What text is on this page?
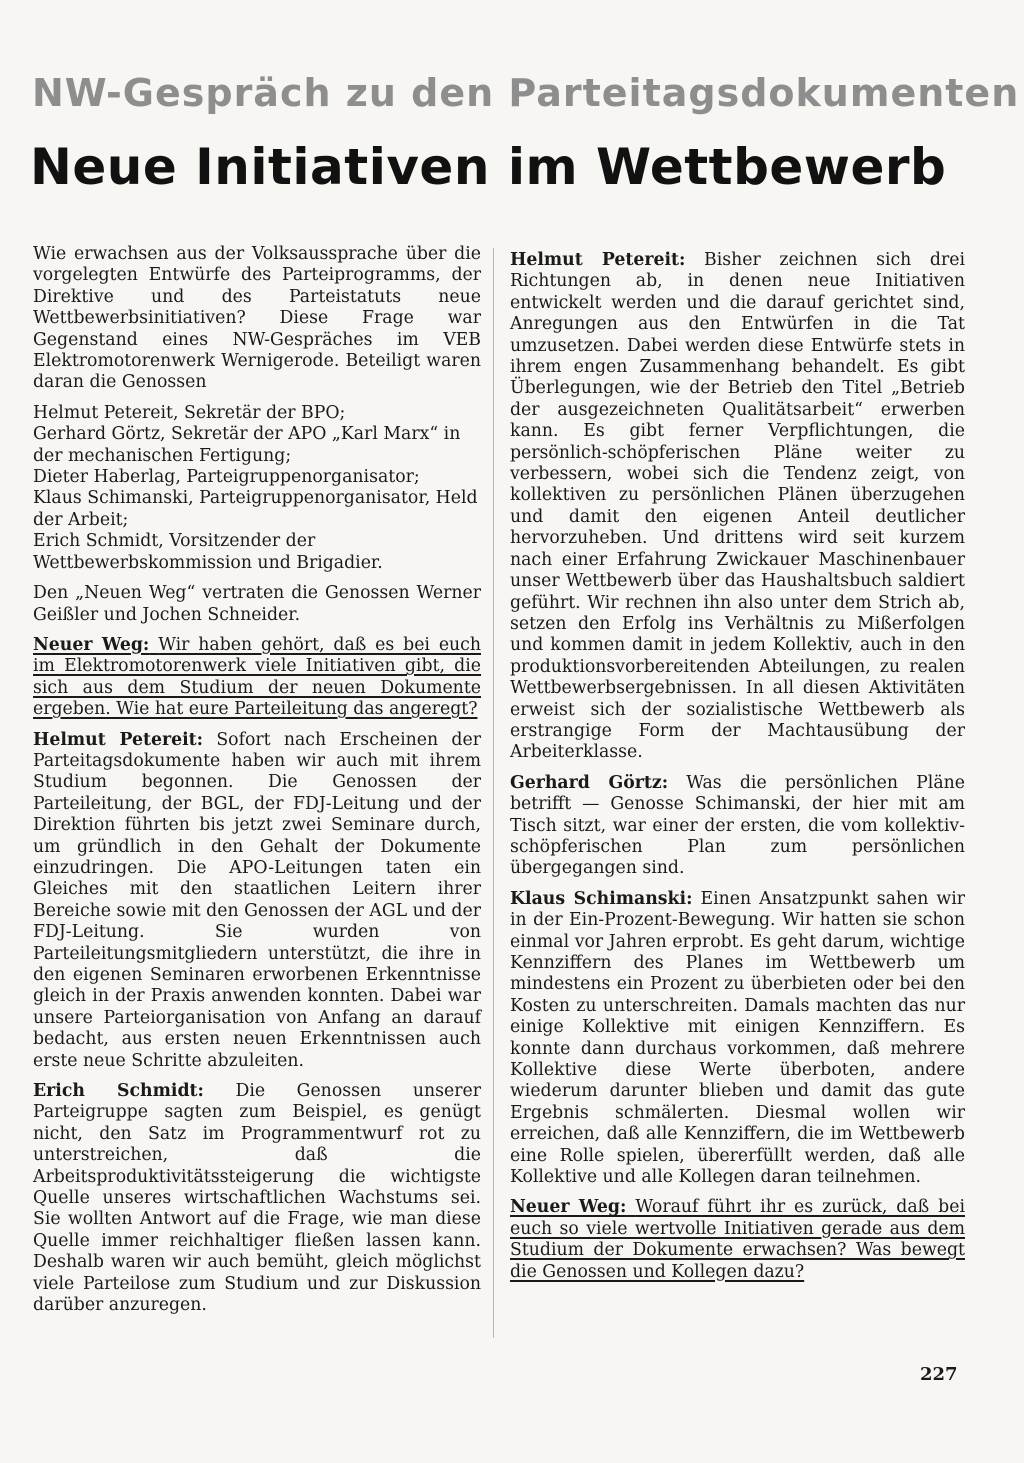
NW-Gespräch zu den Parteitagsdokumenten
Neue Initiativen im Wettbewerb

Wie erwachsen aus der Volksaussprache über die vorgelegten Entwürfe des Parteiprogramms, der Direktive und des Parteistatuts neue Wettbewerbsinitiativen? Diese Frage war Gegenstand eines NW-Gespräches im VEB Elektromotorenwerk Wernigerode. Beteiligt waren daran die Genossen

Helmut Petereit, Sekretär der BPO;
Gerhard Görtz, Sekretär der APO „Karl Marx“ in der mechanischen Fertigung;
Dieter Haberlag, Parteigruppenorganisator;
Klaus Schimanski, Parteigruppenorganisator, Held der Arbeit;
Erich Schmidt, Vorsitzender der Wettbewerbskommission und Brigadier.

Den „Neuen Weg“ vertraten die Genossen Werner Geißler und Jochen Schneider.

Neuer Weg: Wir haben gehört, daß es bei euch im Elektromotorenwerk viele Initiativen gibt, die sich aus dem Studium der neuen Dokumente ergeben. Wie hat eure Parteileitung das angeregt?

Helmut Petereit: Sofort nach Erscheinen der Parteitagsdokumente haben wir auch mit ihrem Studium begonnen. Die Genossen der Parteileitung, der BGL, der FDJ-Leitung und der Direktion führten bis jetzt zwei Seminare durch, um gründlich in den Gehalt der Dokumente einzudringen. Die APO-Leitungen taten ein Gleiches mit den staatlichen Leitern ihrer Bereiche sowie mit den Genossen der AGL und der FDJ-Leitung. Sie wurden von Parteileitungsmitgliedern unterstützt, die ihre in den eigenen Seminaren erworbenen Erkenntnisse gleich in der Praxis anwenden konnten. Dabei war unsere Parteiorganisation von Anfang an darauf bedacht, aus ersten neuen Erkenntnissen auch erste neue Schritte abzuleiten.

Erich Schmidt: Die Genossen unserer Parteigruppe sagten zum Beispiel, es genügt nicht, den Satz im Programmentwurf rot zu unterstreichen, daß die Arbeitsproduktivitätssteigerung die wichtigste Quelle unseres wirtschaftlichen Wachstums sei. Sie wollten Antwort auf die Frage, wie man diese Quelle immer reichhaltiger fließen lassen kann. Deshalb waren wir auch bemüht, gleich möglichst viele Parteilose zum Studium und zur Diskussion darüber anzuregen.

Helmut Petereit: Bisher zeichnen sich drei Richtungen ab, in denen neue Initiativen entwickelt werden und die darauf gerichtet sind, Anregungen aus den Entwürfen in die Tat umzusetzen. Dabei werden diese Entwürfe stets in ihrem engen Zusammenhang behandelt. Es gibt Überlegungen, wie der Betrieb den Titel „Betrieb der ausgezeichneten Qualitätsarbeit“ erwerben kann. Es gibt ferner Verpflichtungen, die persönlich-schöpferischen Pläne weiter zu verbessern, wobei sich die Tendenz zeigt, von kollektiven zu persönlichen Plänen überzugehen und damit den eigenen Anteil deutlicher hervorzuheben. Und drittens wird seit kurzem nach einer Erfahrung Zwickauer Maschinenbauer unser Wettbewerb über das Haushaltsbuch saldiert geführt. Wir rechnen ihn also unter dem Strich ab, setzen den Erfolg ins Verhältnis zu Mißerfolgen und kommen damit in jedem Kollektiv, auch in den produktionsvorbereitenden Abteilungen, zu realen Wettbewerbsergebnissen. In all diesen Aktivitäten erweist sich der sozialistische Wettbewerb als erstrangige Form der Machtausübung der Arbeiterklasse.

Gerhard Görtz: Was die persönlichen Pläne betrifft — Genosse Schimanski, der hier mit am Tisch sitzt, war einer der ersten, die vom kollektiv-schöpferischen Plan zum persönlichen übergegangen sind.

Klaus Schimanski: Einen Ansatzpunkt sahen wir in der Ein-Prozent-Bewegung. Wir hatten sie schon einmal vor Jahren erprobt. Es geht darum, wichtige Kennziffern des Planes im Wettbewerb um mindestens ein Prozent zu überbieten oder bei den Kosten zu unterschreiten. Damals machten das nur einige Kollektive mit einigen Kennziffern. Es konnte dann durchaus vorkommen, daß mehrere Kollektive diese Werte überboten, andere wiederum darunter blieben und damit das gute Ergebnis schmälerten. Diesmal wollen wir erreichen, daß alle Kennziffern, die im Wettbewerb eine Rolle spielen, übererfüllt werden, daß alle Kollektive und alle Kollegen daran teilnehmen.

Neuer Weg: Worauf führt ihr es zurück, daß bei euch so viele wertvolle Initiativen gerade aus dem Studium der Dokumente erwachsen? Was bewegt die Genossen und Kollegen dazu?

227
